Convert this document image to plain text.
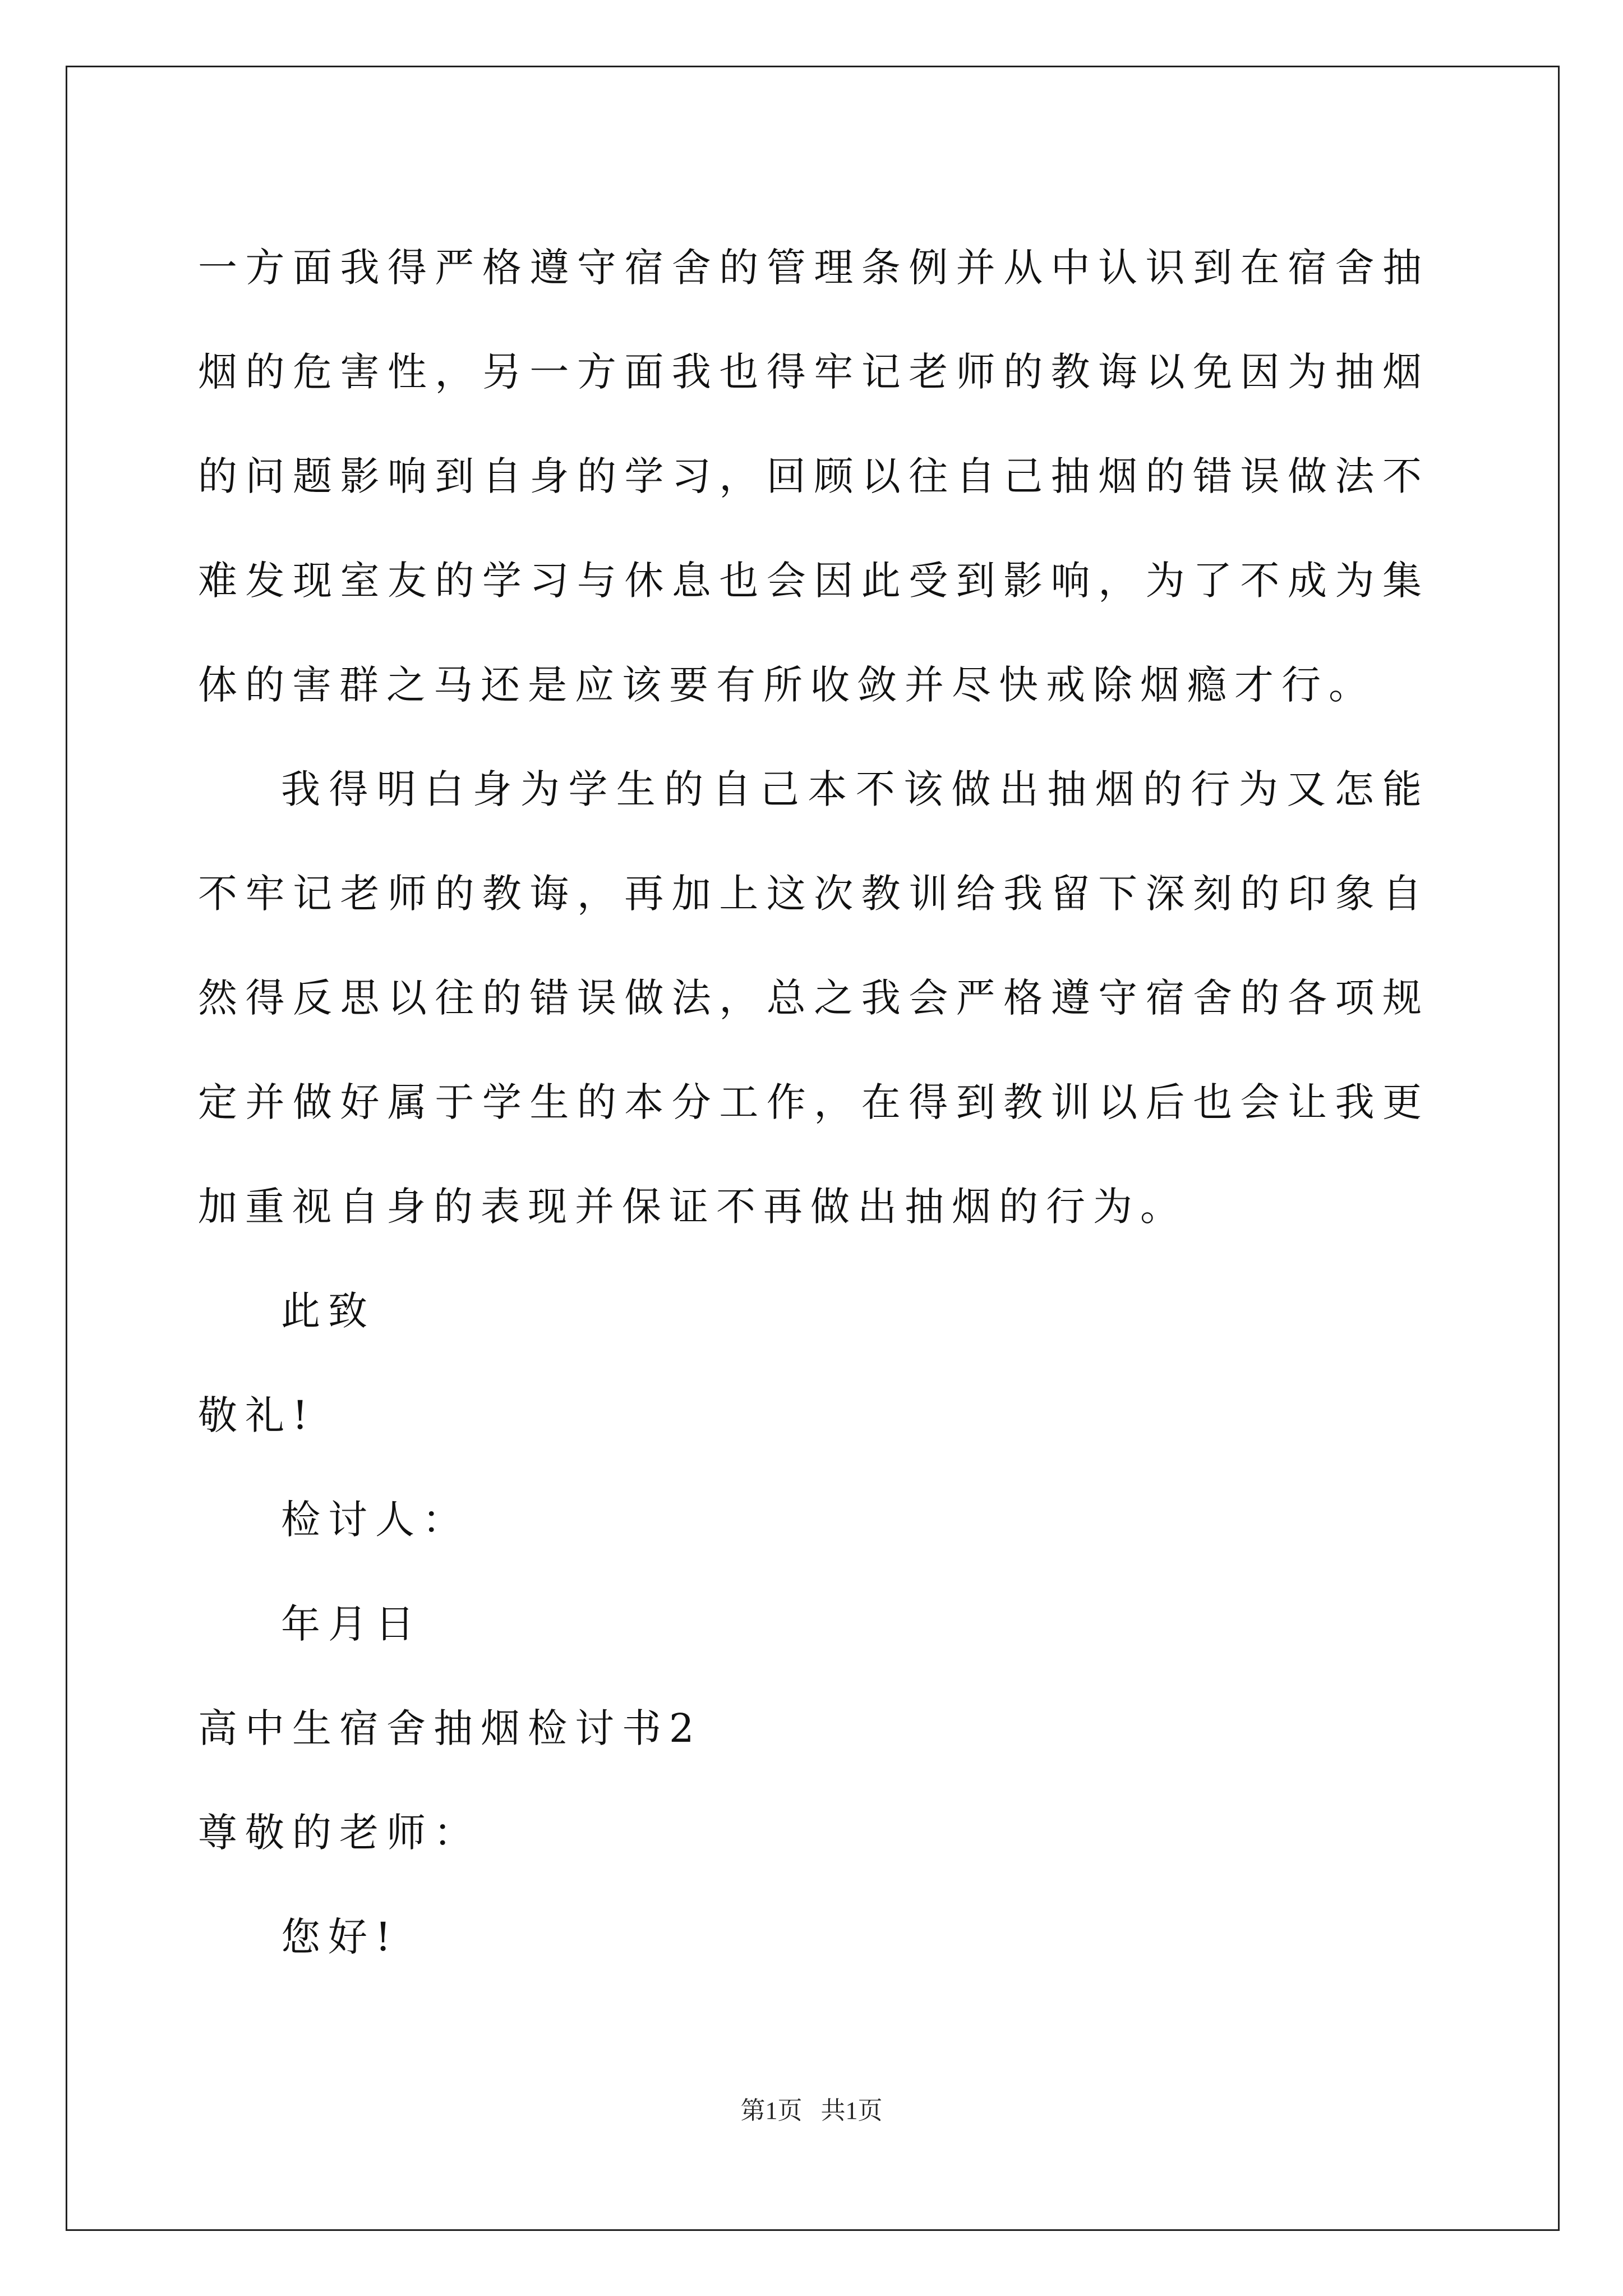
一方面我得严格遵守宿舍的管理条例并从中认识到在宿舍抽烟的危害性，另一方面我也得牢记老师的教诲以免因为抽烟的问题影响到自身的学习，回顾以往自己抽烟的错误做法不难发现室友的学习与休息也会因此受到影响，为了不成为集体的害群之马还是应该要有所收敛并尽快戒除烟瘾才行。

我得明白身为学生的自己本不该做出抽烟的行为又怎能不牢记老师的教诲，再加上这次教训给我留下深刻的印象自然得反思以往的错误做法，总之我会严格遵守宿舍的各项规定并做好属于学生的本分工作，在得到教训以后也会让我更加重视自身的表现并保证不再做出抽烟的行为。

此致

敬礼!

检讨人：

年月日

高中生宿舍抽烟检讨书2

尊敬的老师：

您好!

第1页 共1页
